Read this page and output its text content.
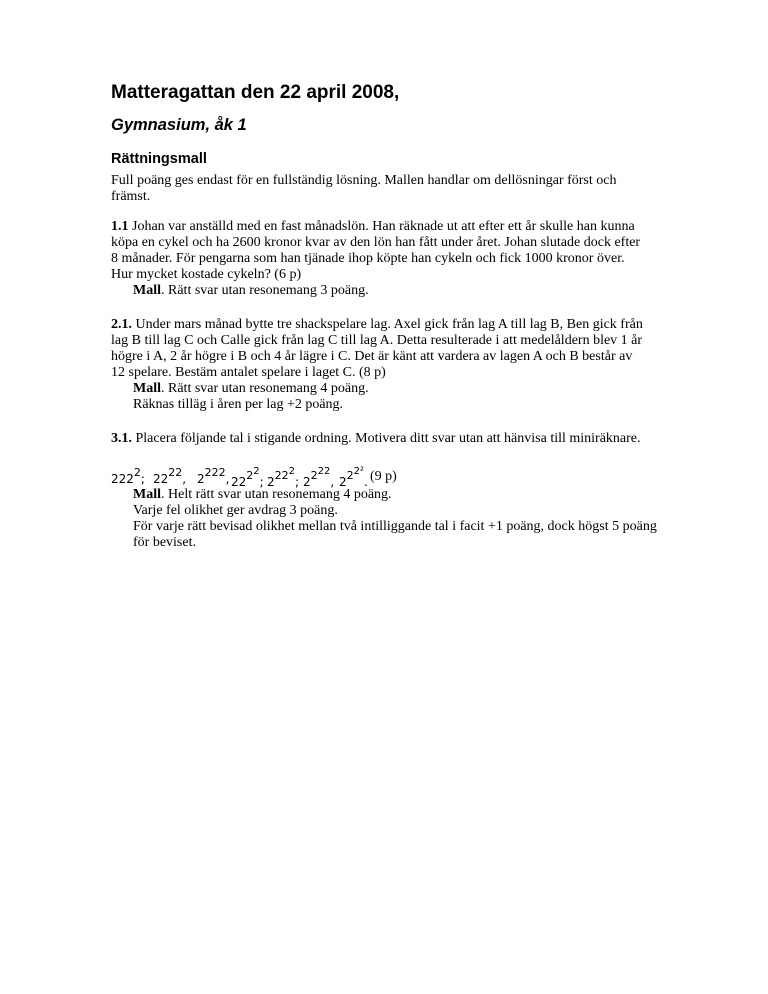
Matteragattan den 22 april 2008,
Gymnasium, åk 1
Rättningsmall
Full poäng ges endast för en fullständig lösning. Mallen handlar om dellösningar först och
främst.
1.1 Johan var anställd med en fast månadslön. Han räknade ut att efter ett år skulle han kunna
köpa en cykel och ha 2600 kronor kvar av den lön han fått under året. Johan slutade dock efter
8 månader. För pengarna som han tjänade ihop köpte han cykeln och fick 1000 kronor över.
Hur mycket kostade cykeln? (6 p)
Mall. Rätt svar utan resonemang 3 poäng.
2.1. Under mars månad bytte tre shackspelare lag. Axel gick från lag A till lag B, Ben gick från
lag B till lag C och Calle gick från lag C till lag A. Detta resulterade i att medelåldern blev 1 år
högre i A, 2 år högre i B och 4 år lägre i C. Det är känt att vardera av lagen A och B består av
12 spelare. Bestäm antalet spelare i laget C. (8 p)
Mall. Rätt svar utan resonemang 4 poäng.
Räknas tilläg i åren per lag +2 poäng.
3.1. Placera följande tal i stigande ordning. Motivera ditt svar utan att hänvisa till miniräknare.
$222^2$; $22^{22}$, $2^{222}$, $22^{2^2}$; $2^{22^2}$; $2^{2^{22}}$, $2^{2^{2^2}}$. (9 p)
Mall. Helt rätt svar utan resonemang 4 poäng.
Varje fel olikhet ger avdrag 3 poäng.
För varje rätt bevisad olikhet mellan två intilliggande tal i facit +1 poäng, dock högst 5 poäng
för beviset.
